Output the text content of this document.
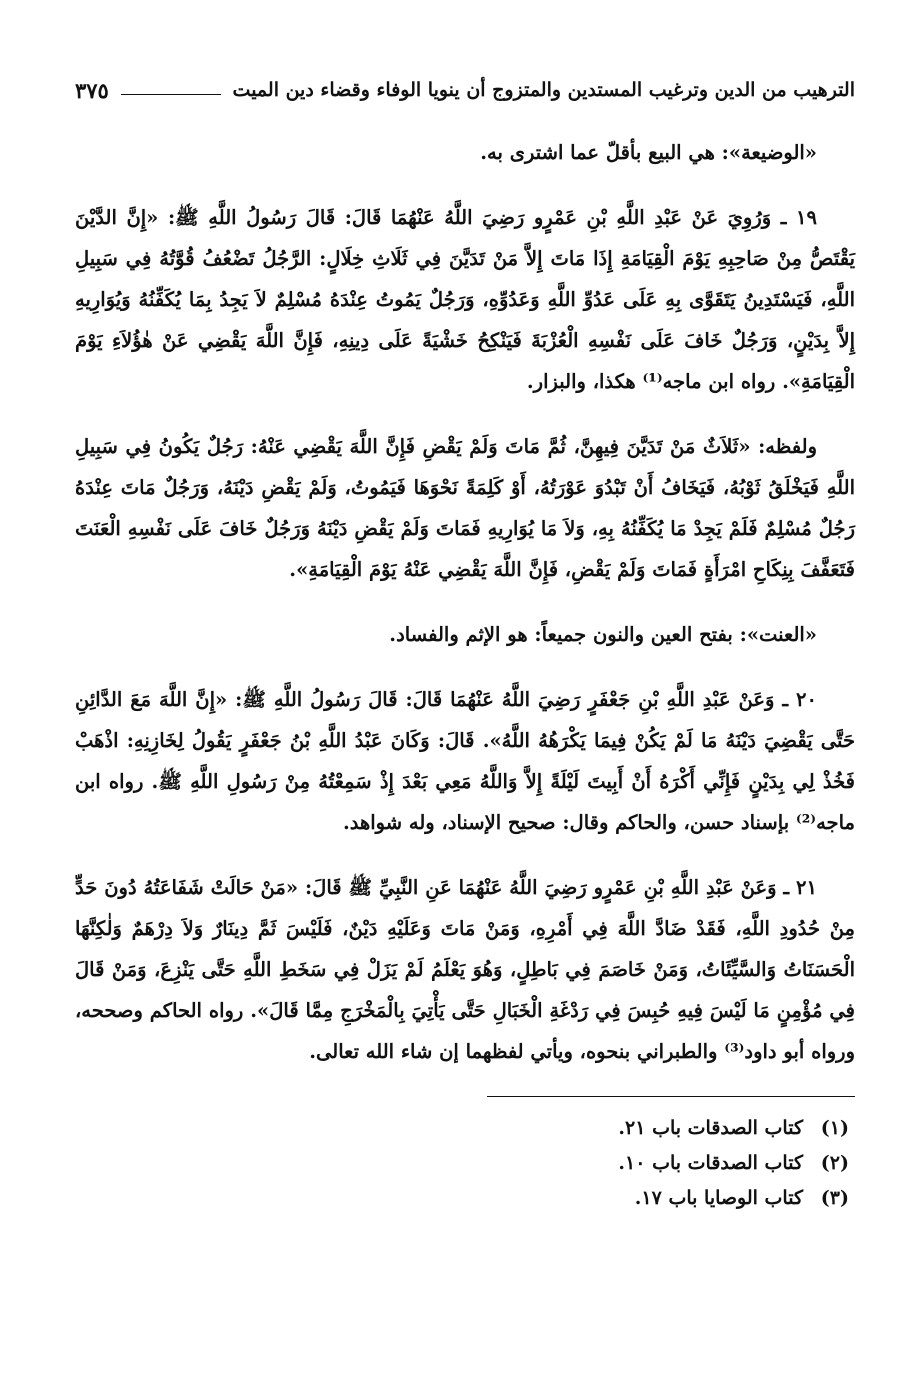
الترهيب من الدين وترغيب المستدين والمتزوج أن ينويا الوفاء وقضاء دين الميت
٣٧٥

«الوضيعة»: هي البيع بأقلّ عما اشترى به.

١٩ ـ وَرُوِيَ عَنْ عَبْدِ اللَّهِ بْنِ عَمْرٍو رَضِيَ اللَّهُ عَنْهُمَا قَالَ: قَالَ رَسُولُ اللَّهِ ﷺ: «إِنَّ الدَّيْنَ يَقْتَصُّ مِنْ صَاحِبِهِ يَوْمَ الْقِيَامَةِ إِذَا مَاتَ إِلاَّ مَنْ تَدَيَّنَ فِي ثَلَاثِ خِلَالٍ: الرَّجُلُ تَضْعُفُ قُوَّتُهُ فِي سَبِيلِ اللَّهِ، فَيَسْتَدِينُ يَتَقَوَّى بِهِ عَلَى عَدُوِّ اللَّهِ وَعَدُوِّهِ، وَرَجُلٌ يَمُوتُ عِنْدَهُ مُسْلِمٌ لاَ يَجِدُ بِمَا يُكَفِّنُهُ وَيُوَارِيهِ إِلاَّ بِدَيْنٍ، وَرَجُلٌ خَافَ عَلَى نَفْسِهِ الْعُزْبَةَ فَيَنْكِحُ خَشْيَةً عَلَى دِينِهِ، فَإِنَّ اللَّهَ يَقْضِي عَنْ هٰؤُلاَءِ يَوْمَ الْقِيَامَةِ». رواه ابن ماجه⁽¹⁾ هكذا، والبزار.

ولفظه: «ثَلاَثٌ مَنْ تَدَيَّنَ فِيهِنَّ، ثُمَّ مَاتَ وَلَمْ يَقْضِ فَإِنَّ اللَّهَ يَقْضِي عَنْهُ: رَجُلٌ يَكُونُ فِي سَبِيلِ اللَّهِ فَيَخْلَقُ ثَوْبُهُ، فَيَخَافُ أَنْ تَبْدُوَ عَوْرَتُهُ، أَوْ كَلِمَةً نَحْوَهَا فَيَمُوتُ، وَلَمْ يَقْضِ دَيْنَهُ، وَرَجُلٌ مَاتَ عِنْدَهُ رَجُلٌ مُسْلِمٌ فَلَمْ يَجِدْ مَا يُكَفِّنُهُ بِهِ، وَلاَ مَا يُوَارِيهِ فَمَاتَ وَلَمْ يَقْضِ دَيْنَهُ وَرَجُلٌ خَافَ عَلَى نَفْسِهِ الْعَنَتَ فَتَعَفَّفَ بِنِكَاحِ امْرَأَةٍ فَمَاتَ وَلَمْ يَقْضِ، فَإِنَّ اللَّهَ يَقْضِي عَنْهُ يَوْمَ الْقِيَامَةِ».

«العنت»: بفتح العين والنون جميعاً: هو الإثم والفساد.

٢٠ ـ وَعَنْ عَبْدِ اللَّهِ بْنِ جَعْفَرٍ رَضِيَ اللَّهُ عَنْهُمَا قَالَ: قَالَ رَسُولُ اللَّهِ ﷺ: «إِنَّ اللَّهَ مَعَ الدَّائِنِ حَتَّى يَقْضِيَ دَيْنَهُ مَا لَمْ يَكُنْ فِيمَا يَكْرَهُهُ اللَّهُ». قَالَ: وَكَانَ عَبْدُ اللَّهِ بْنُ جَعْفَرٍ يَقُولُ لِخَازِنِهِ: اذْهَبْ فَخُذْ لِي بِدَيْنٍ فَإِنِّي أَكْرَهُ أَنْ أَبِيتَ لَيْلَةً إِلاَّ وَاللَّهُ مَعِي بَعْدَ إِذْ سَمِعْتُهُ مِنْ رَسُولِ اللَّهِ ﷺ. رواه ابن ماجه⁽²⁾ بإسناد حسن، والحاكم وقال: صحيح الإسناد، وله شواهد.

٢١ ـ وَعَنْ عَبْدِ اللَّهِ بْنِ عَمْرٍو رَضِيَ اللَّهُ عَنْهُمَا عَنِ النَّبِيِّ ﷺ قَالَ: «مَنْ حَالَتْ شَفَاعَتُهُ دُونَ حَدٍّ مِنْ حُدُودِ اللَّهِ، فَقَدْ ضَادَّ اللَّهَ فِي أَمْرِهِ، وَمَنْ مَاتَ وَعَلَيْهِ دَيْنٌ، فَلَيْسَ ثَمَّ دِينَارٌ وَلاَ دِرْهَمٌ وَلٰكِنَّهَا الْحَسَنَاتُ وَالسَّيِّئَاتُ، وَمَنْ خَاصَمَ فِي بَاطِلٍ، وَهُوَ يَعْلَمُ لَمْ يَزَلْ فِي سَخَطِ اللَّهِ حَتَّى يَنْزِعَ، وَمَنْ قَالَ فِي مُؤْمِنٍ مَا لَيْسَ فِيهِ حُبِسَ فِي رَدْغَةِ الْخَبَالِ حَتَّى يَأْتِيَ بِالْمَخْرَجِ مِمَّا قَالَ». رواه الحاكم وصححه، ورواه أبو داود⁽³⁾ والطبراني بنحوه، ويأتي لفظهما إن شاء الله تعالى.

(١)كتاب الصدقات باب ٢١.
(٢)كتاب الصدقات باب ١٠.
(٣)كتاب الوصايا باب ١٧.
